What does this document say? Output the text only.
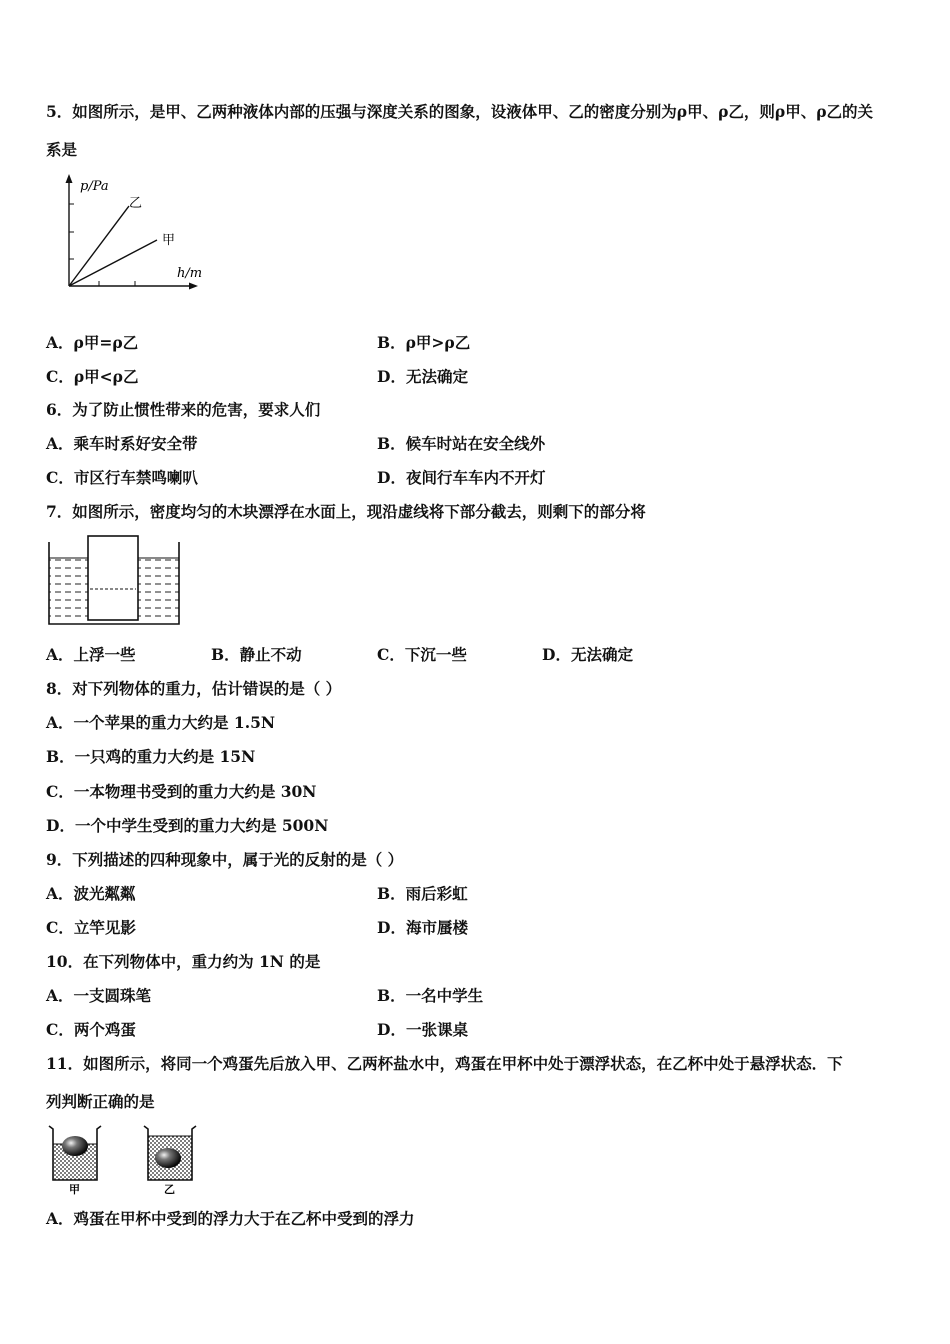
5．如图所示，是甲、乙两种液体内部的压强与深度关系的图象，设液体甲、乙的密度分别为ρ甲、ρ乙，则ρ甲、ρ乙的关
系是
p/Pa
乙
甲
h/m
A．ρ甲=ρ乙	B．ρ甲>ρ乙
C．ρ甲<ρ乙	D．无法确定
6．为了防止惯性带来的危害，要求人们
A．乘车时系好安全带	B．候车时站在安全线外
C．市区行车禁鸣喇叭	D．夜间行车车内不开灯
7．如图所示，密度均匀的木块漂浮在水面上，现沿虚线将下部分截去，则剩下的部分将
A．上浮一些	B．静止不动	C．下沉一些	D．无法确定
8．对下列物体的重力，估计错误的是（ ）
A．一个苹果的重力大约是 1.5N
B．一只鸡的重力大约是 15N
C．一本物理书受到的重力大约是 30N
D．一个中学生受到的重力大约是 500N
9．下列描述的四种现象中，属于光的反射的是（ ）
A．波光粼粼	B．雨后彩虹
C．立竿见影	D．海市蜃楼
10．在下列物体中，重力约为 1N 的是
A．一支圆珠笔	B．一名中学生
C．两个鸡蛋	D．一张课桌
11．如图所示，将同一个鸡蛋先后放入甲、乙两杯盐水中，鸡蛋在甲杯中处于漂浮状态，在乙杯中处于悬浮状态．下
列判断正确的是
甲	乙
A．鸡蛋在甲杯中受到的浮力大于在乙杯中受到的浮力
